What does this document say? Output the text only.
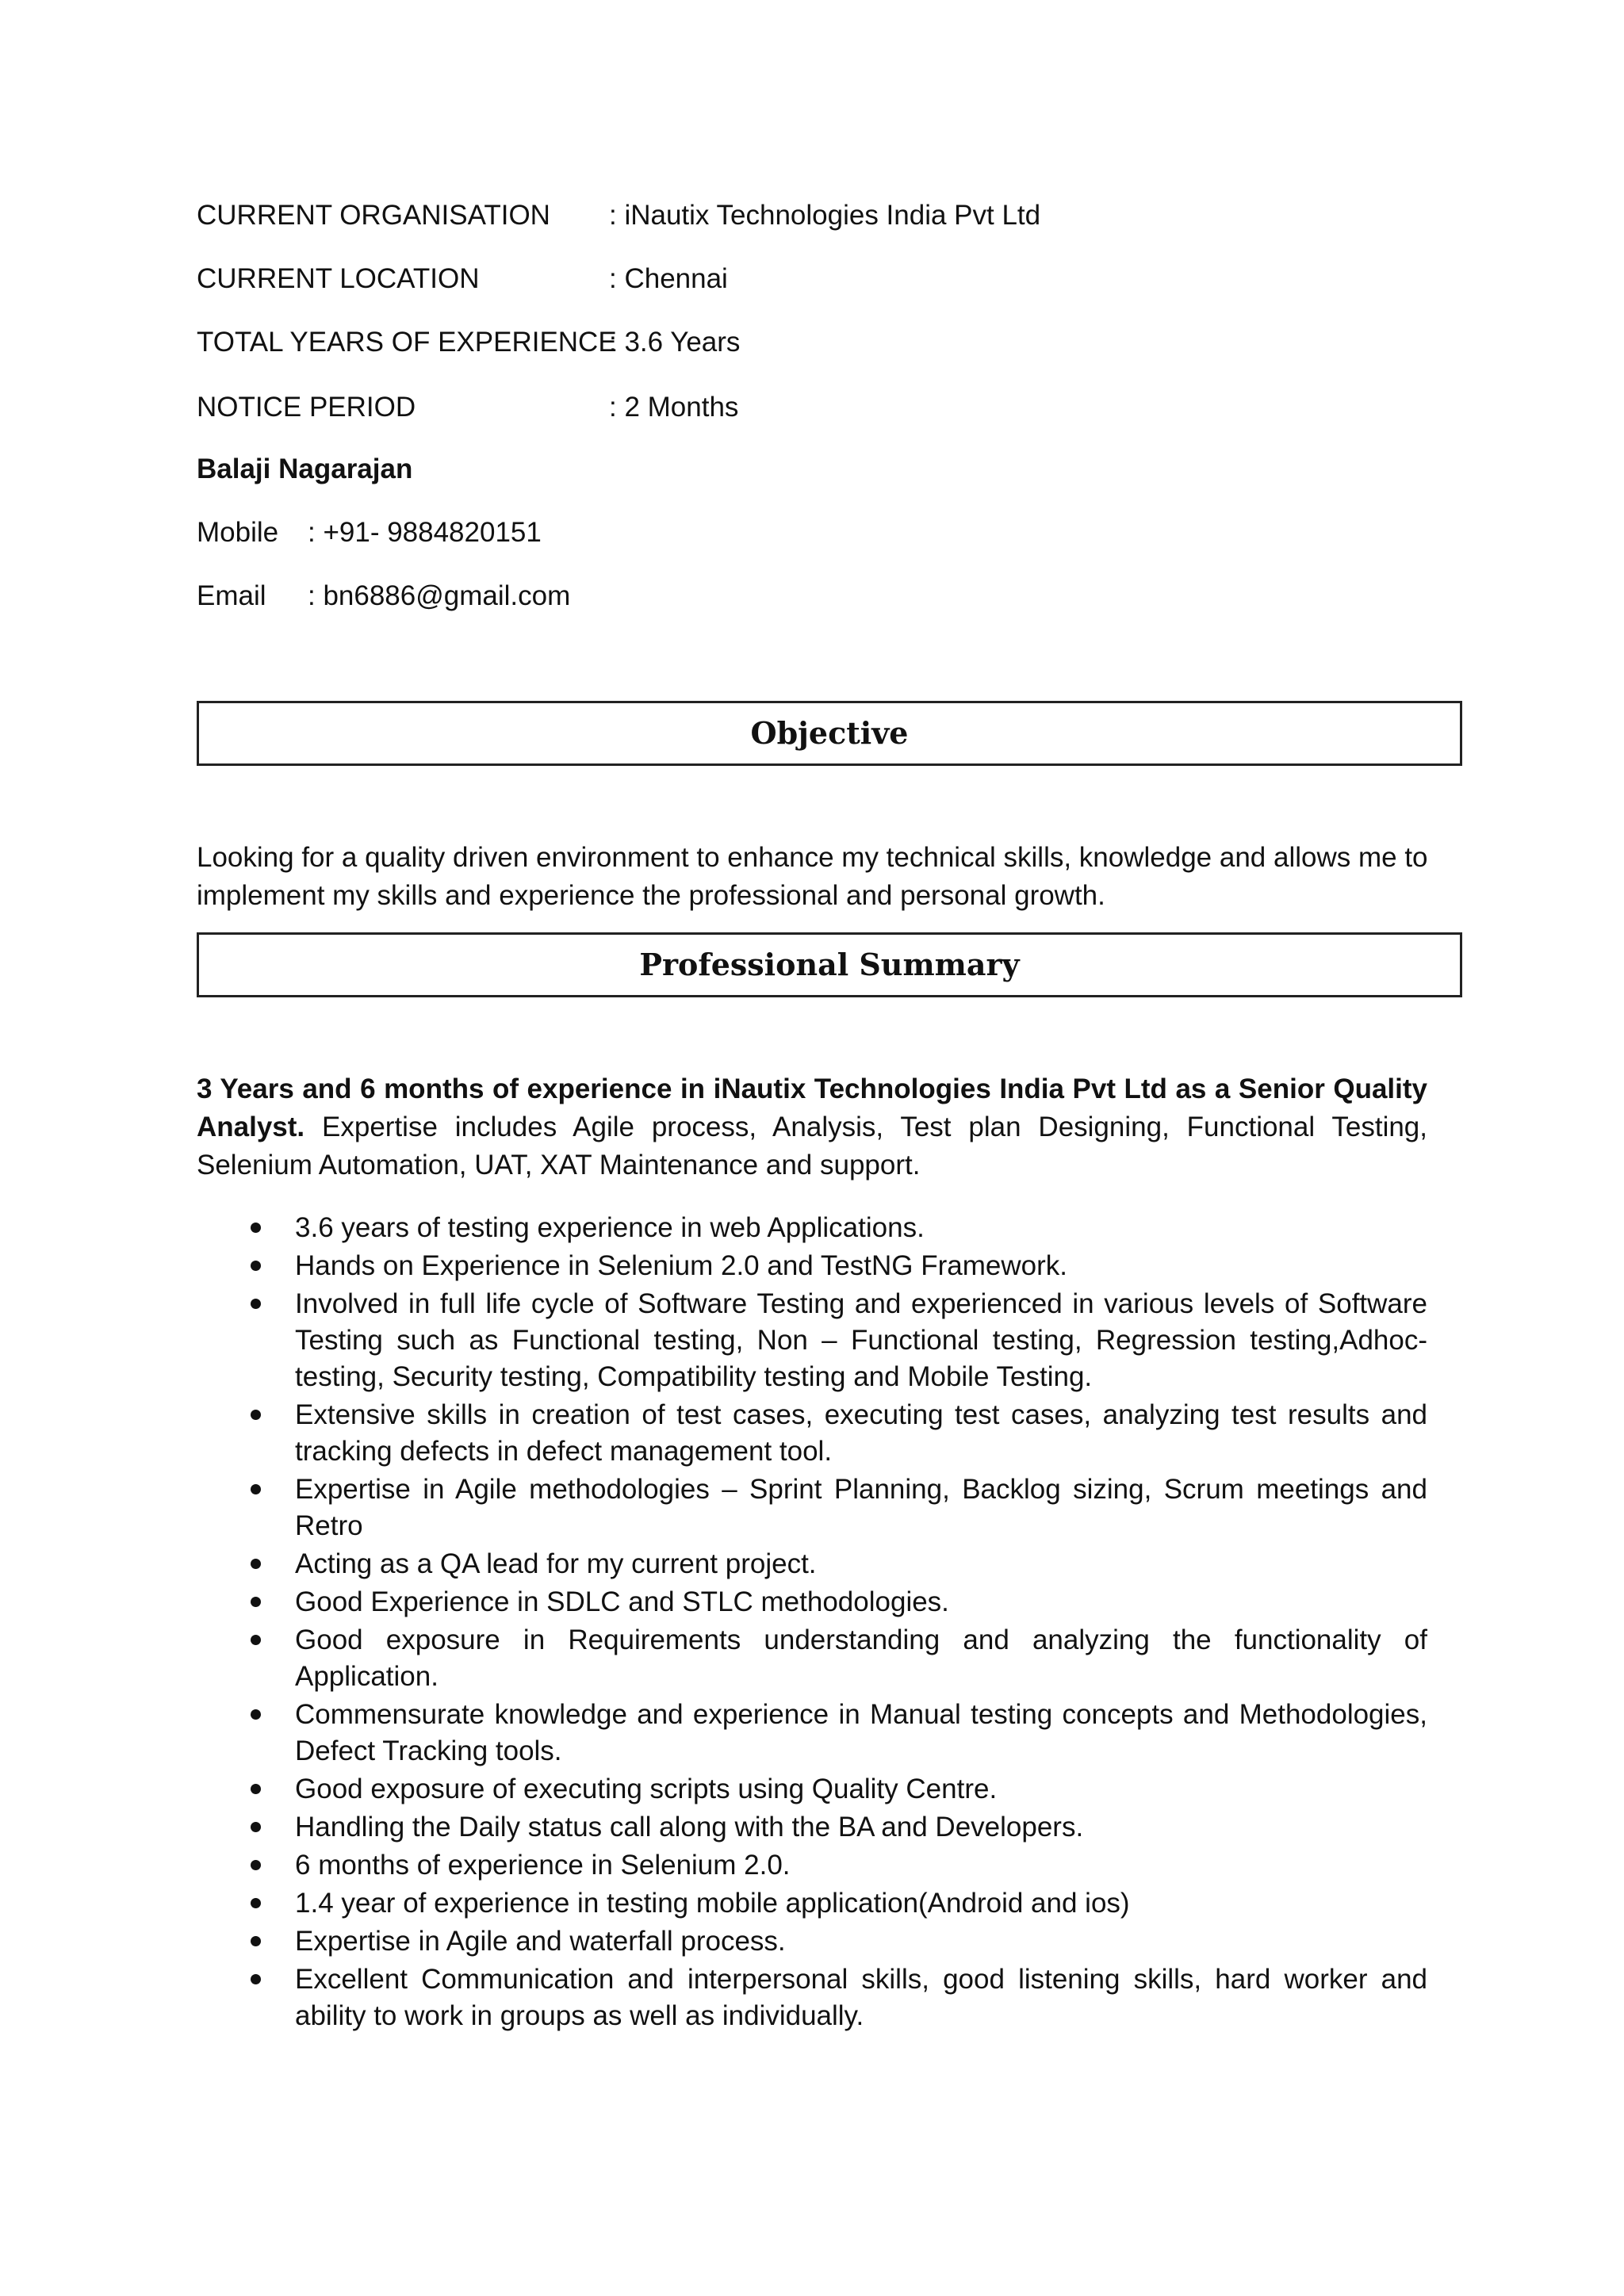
CURRENT ORGANISATION : iNautix Technologies India Pvt Ltd
CURRENT LOCATION	: Chennai
TOTAL YEARS OF EXPERIENCE
: 3.6 Years
NOTICE PERIOD	: 2 Months
Balaji Nagarajan
Mobile : +91- 9884820151
Email : bn6886@gmail.com
Objective
Looking for a quality driven environment to enhance my technical skills, knowledge and allows me to implement my skills and experience the professional and personal growth.
Professional Summary
3 Years and 6 months of experience in iNautix Technologies India Pvt Ltd as a Senior Quality Analyst. Expertise includes Agile process, Analysis, Test plan Designing, Functional Testing, Selenium Automation, UAT, XAT Maintenance and support.
3.6 years of testing experience in web Applications.
Hands on Experience in Selenium 2.0 and TestNG Framework.
Involved in full life cycle of Software Testing and experienced in various levels of Software Testing such as Functional testing, Non – Functional testing, Regression testing,Adhoc-testing, Security testing, Compatibility testing and Mobile Testing.
Extensive skills in creation of test cases, executing test cases, analyzing test results and tracking defects in defect management tool.
Expertise in Agile methodologies – Sprint Planning, Backlog sizing, Scrum meetings and Retro
Acting as a QA lead for my current project.
Good Experience in SDLC and STLC methodologies.
Good exposure in Requirements understanding and analyzing the functionality of Application.
Commensurate knowledge and experience in Manual testing concepts and Methodologies, Defect Tracking tools.
Good exposure of executing scripts using Quality Centre.
Handling the Daily status call along with the BA and Developers.
6 months of experience in Selenium 2.0.
1.4 year of experience in testing mobile application(Android and ios)
Expertise in Agile and waterfall process.
Excellent Communication and interpersonal skills, good listening skills, hard worker and ability to work in groups as well as individually.
